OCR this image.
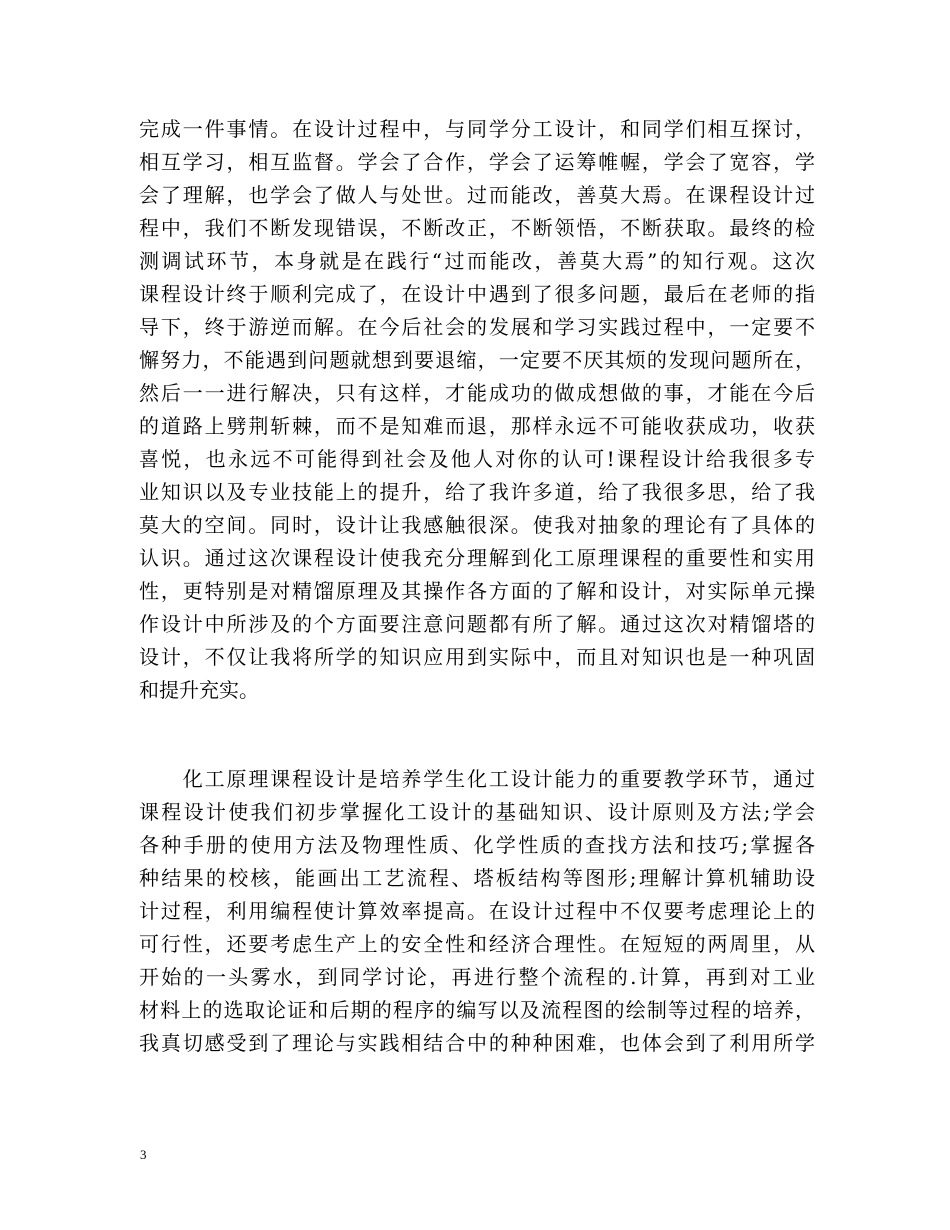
完成一件事情。在设计过程中，与同学分工设计，和同学们相互探讨，
相互学习，相互监督。学会了合作，学会了运筹帷幄，学会了宽容，学
会了理解，也学会了做人与处世。过而能改，善莫大焉。在课程设计过
程中，我们不断发现错误，不断改正，不断领悟，不断获取。最终的检
测调试环节，本身就是在践行“过而能改，善莫大焉”的知行观。这次
课程设计终于顺利完成了，在设计中遇到了很多问题，最后在老师的指
导下，终于游逆而解。在今后社会的发展和学习实践过程中，一定要不
懈努力，不能遇到问题就想到要退缩，一定要不厌其烦的发现问题所在，
然后一一进行解决，只有这样，才能成功的做成想做的事，才能在今后
的道路上劈荆斩棘，而不是知难而退，那样永远不可能收获成功，收获
喜悦，也永远不可能得到社会及他人对你的认可!课程设计给我很多专
业知识以及专业技能上的提升，给了我许多道，给了我很多思，给了我
莫大的空间。同时，设计让我感触很深。使我对抽象的理论有了具体的
认识。通过这次课程设计使我充分理解到化工原理课程的重要性和实用
性，更特别是对精馏原理及其操作各方面的了解和设计，对实际单元操
作设计中所涉及的个方面要注意问题都有所了解。通过这次对精馏塔的
设计，不仅让我将所学的知识应用到实际中，而且对知识也是一种巩固
和提升充实。
　　化工原理课程设计是培养学生化工设计能力的重要教学环节，通过
课程设计使我们初步掌握化工设计的基础知识、设计原则及方法;学会
各种手册的使用方法及物理性质、化学性质的查找方法和技巧;掌握各
种结果的校核，能画出工艺流程、塔板结构等图形;理解计算机辅助设
计过程，利用编程使计算效率提高。在设计过程中不仅要考虑理论上的
可行性，还要考虑生产上的安全性和经济合理性。在短短的两周里，从
开始的一头雾水，到同学讨论，再进行整个流程的.计算，再到对工业
材料上的选取论证和后期的程序的编写以及流程图的绘制等过程的培养，
我真切感受到了理论与实践相结合中的种种困难，也体会到了利用所学
3
